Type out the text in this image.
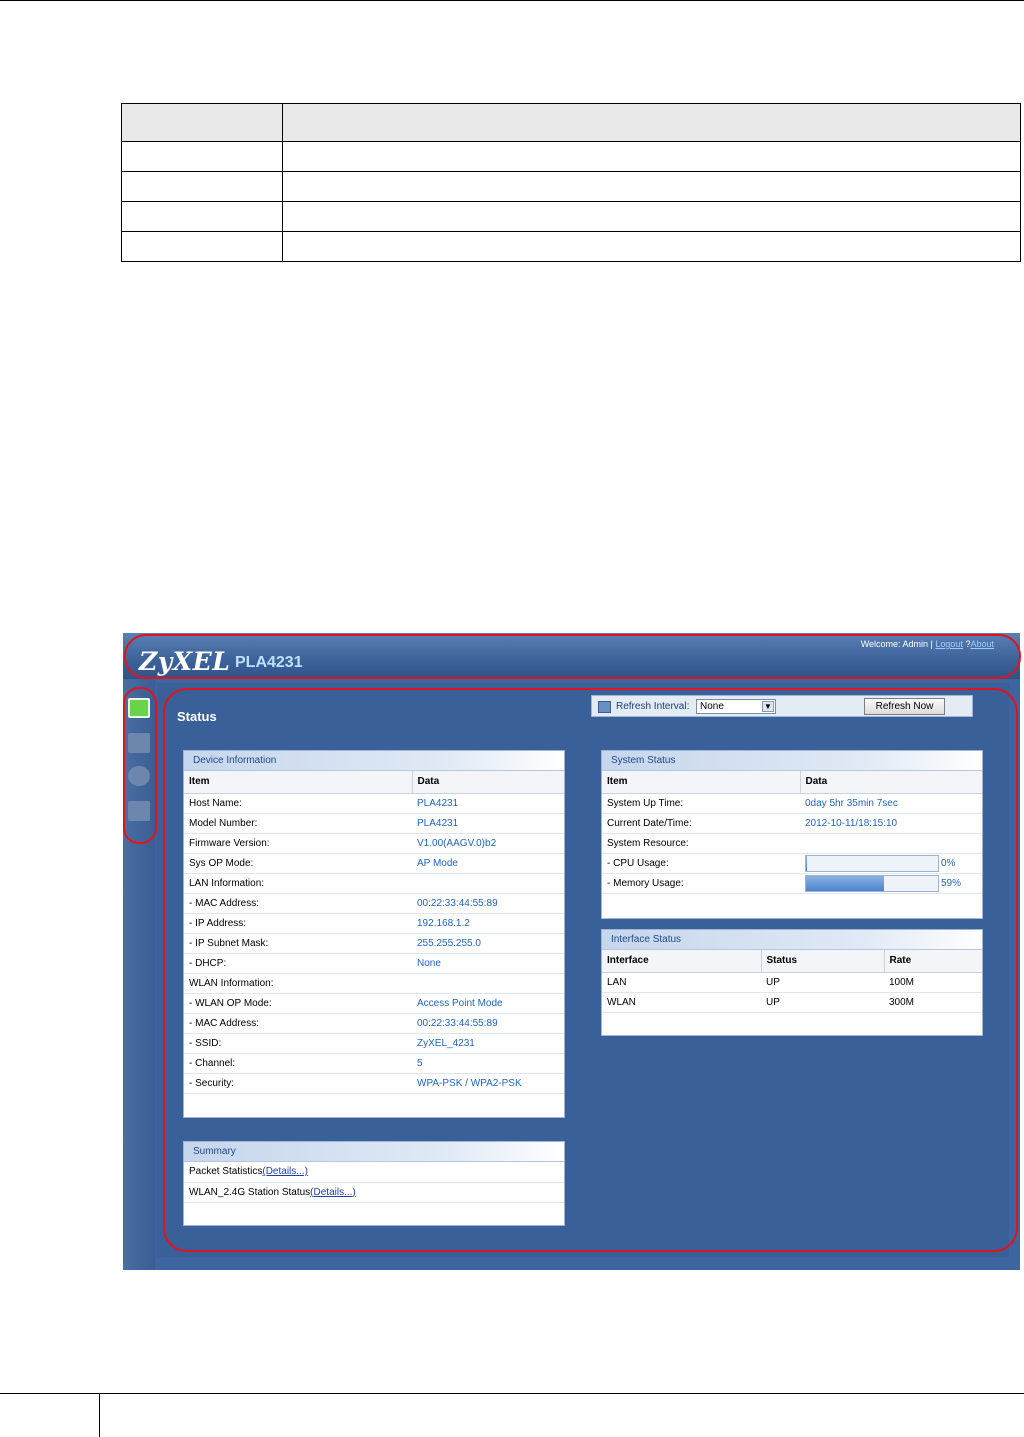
ZyXEL PLA4231
Welcome: Admin | Logout ?About
Status
Refresh Interval:	None	▼	Refresh Now
Device Information
Item	Data
Host Name:	PLA4231
Model Number:	PLA4231
Firmware Version:	V1.00(AAGV.0)b2
Sys OP Mode:	AP Mode
LAN Information:	
- MAC Address:	00:22:33:44:55:89
- IP Address:	192.168.1.2
- IP Subnet Mask:	255.255.255.0
- DHCP:	None
WLAN Information:	
- WLAN OP Mode:	Access Point Mode
- MAC Address:	00:22:33:44:55:89
- SSID:	ZyXEL_4231
- Channel:	5
- Security:	WPA-PSK / WPA2-PSK
System Status
Item	Data
System Up Time:	0day 5hr 35min 7sec
Current Date/Time:	2012-10-11/18:15:10
System Resource:	
- CPU Usage:	0%
- Memory Usage:	59%
Interface Status
Interface	Status	Rate
LAN	UP	100M
WLAN	UP	300M
Summary
Packet Statistics(Details...)
WLAN_2.4G Station Status(Details...)
